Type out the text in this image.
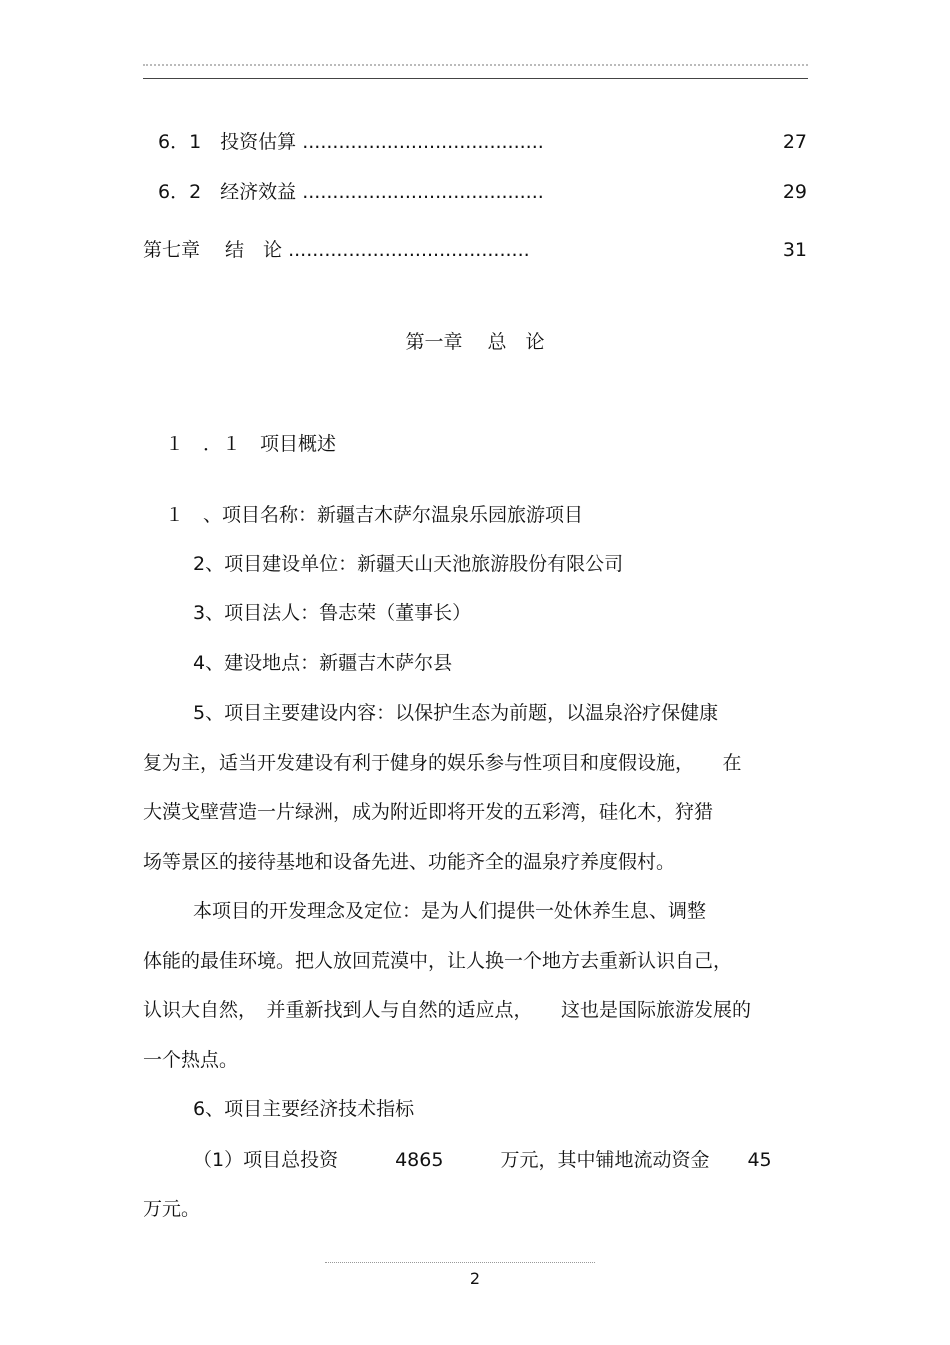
6．1　投资估算 ........................................	27
6．2　经济效益 ........................................	29
第七章　 结　论 ........................................	31
第一章　 总　论
１　．１　项目概述
１　、项目名称：新疆吉木萨尔温泉乐园旅游项目
2、项目建设单位：新疆天山天池旅游股份有限公司
3、项目法人：鲁志荣（董事长）
4、建设地点：新疆吉木萨尔县
5、项目主要建设内容：以保护生态为前题，以温泉浴疗保健康
复为主，适当开发建设有利于健身的娱乐参与性项目和度假设施，　　在
大漠戈壁营造一片绿洲，成为附近即将开发的五彩湾，硅化木，狩猎
场等景区的接待基地和设备先进、功能齐全的温泉疗养度假村。
本项目的开发理念及定位：是为人们提供一处休养生息、调整
体能的最佳环境。把人放回荒漠中，让人换一个地方去重新认识自己，
认识大自然，　并重新找到人与自然的适应点，　　这也是国际旅游发展的
一个热点。
6、项目主要经济技术指标
（1）项目总投资　　　4865　　　万元，其中铺地流动资金　　45
万元。
2
